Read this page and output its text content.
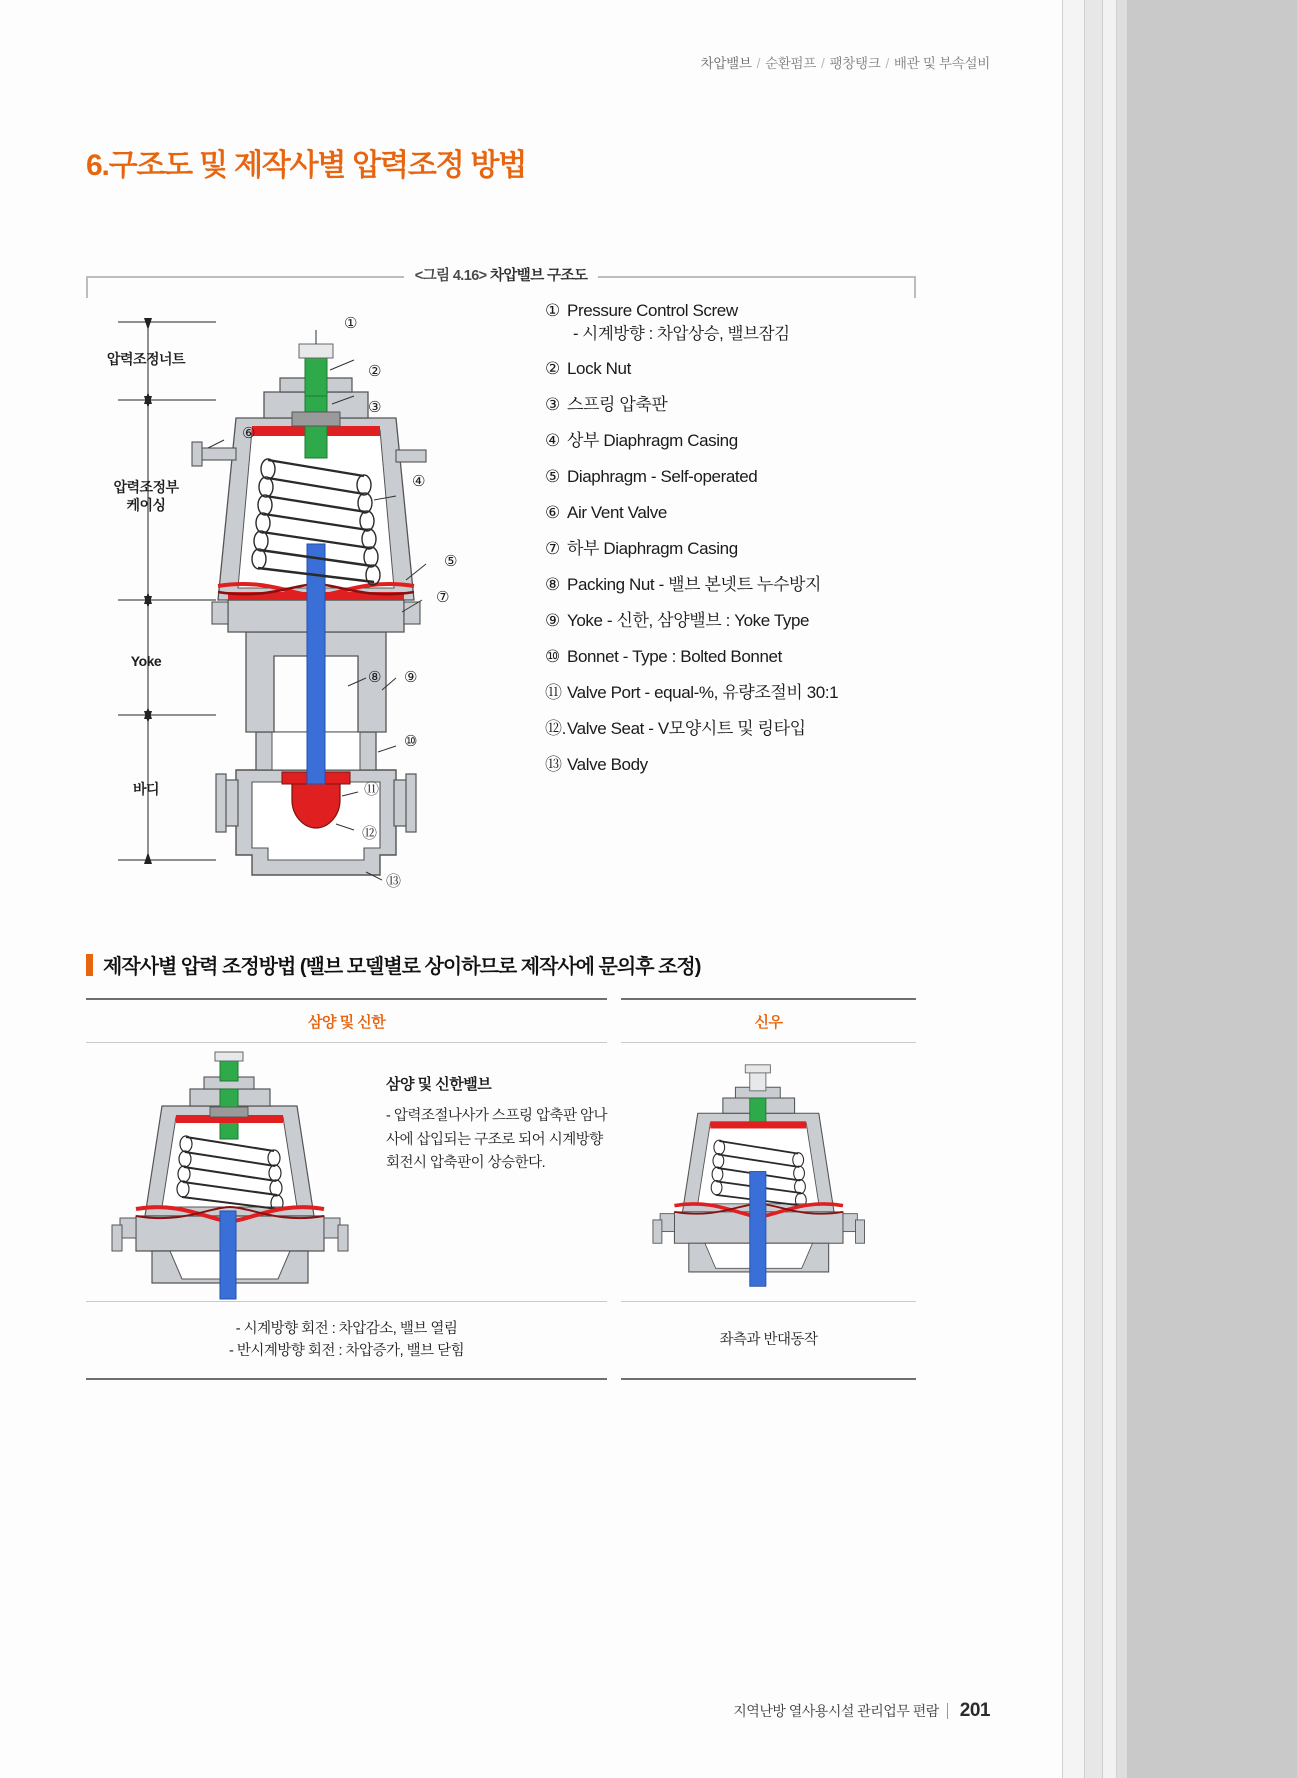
차압밸브 / 순환펌프 / 팽창탱크 / 배관 및 부속설비
6.구조도 및 제작사별 압력조정 방법
<그림 4.16> 차압밸브 구조도
압력조정너트
압력조정부
케이싱
Yoke
바디
①
②
③
④
⑤
⑥
⑦
⑧ ⑨
⑩
⑪
⑫
⑬
① Pressure Control Screw
- 시계방향 : 차압상승, 밸브잠김
② Lock Nut
③ 스프링 압축판
④ 상부 Diaphragm Casing
⑤ Diaphragm - Self-operated
⑥ Air Vent Valve
⑦ 하부 Diaphragm Casing
⑧ Packing Nut - 밸브 본넷트 누수방지
⑨ Yoke - 신한, 삼양밸브 : Yoke Type
⑩ Bonnet - Type : Bolted Bonnet
⑪ Valve Port - equal-%, 유량조절비 30:1
⑫.Valve Seat - V모양시트 및 링타입
⑬ Valve Body
제작사별 압력 조정방법 (밸브 모델별로 상이하므로 제작사에 문의후 조정)
삼양 및 신한	신우
삼양 및 신한밸브
- 압력조절나사가 스프링 압축판 암나사에 삽입되는 구조로 되어 시계방향 회전시 압축판이 상승한다.
- 시계방향 회전 : 차압감소, 밸브 열림
- 반시계방향 회전 : 차압증가, 밸브 닫힘
좌측과 반대동작
지역난방 열사용시설 관리업무 편람 201
